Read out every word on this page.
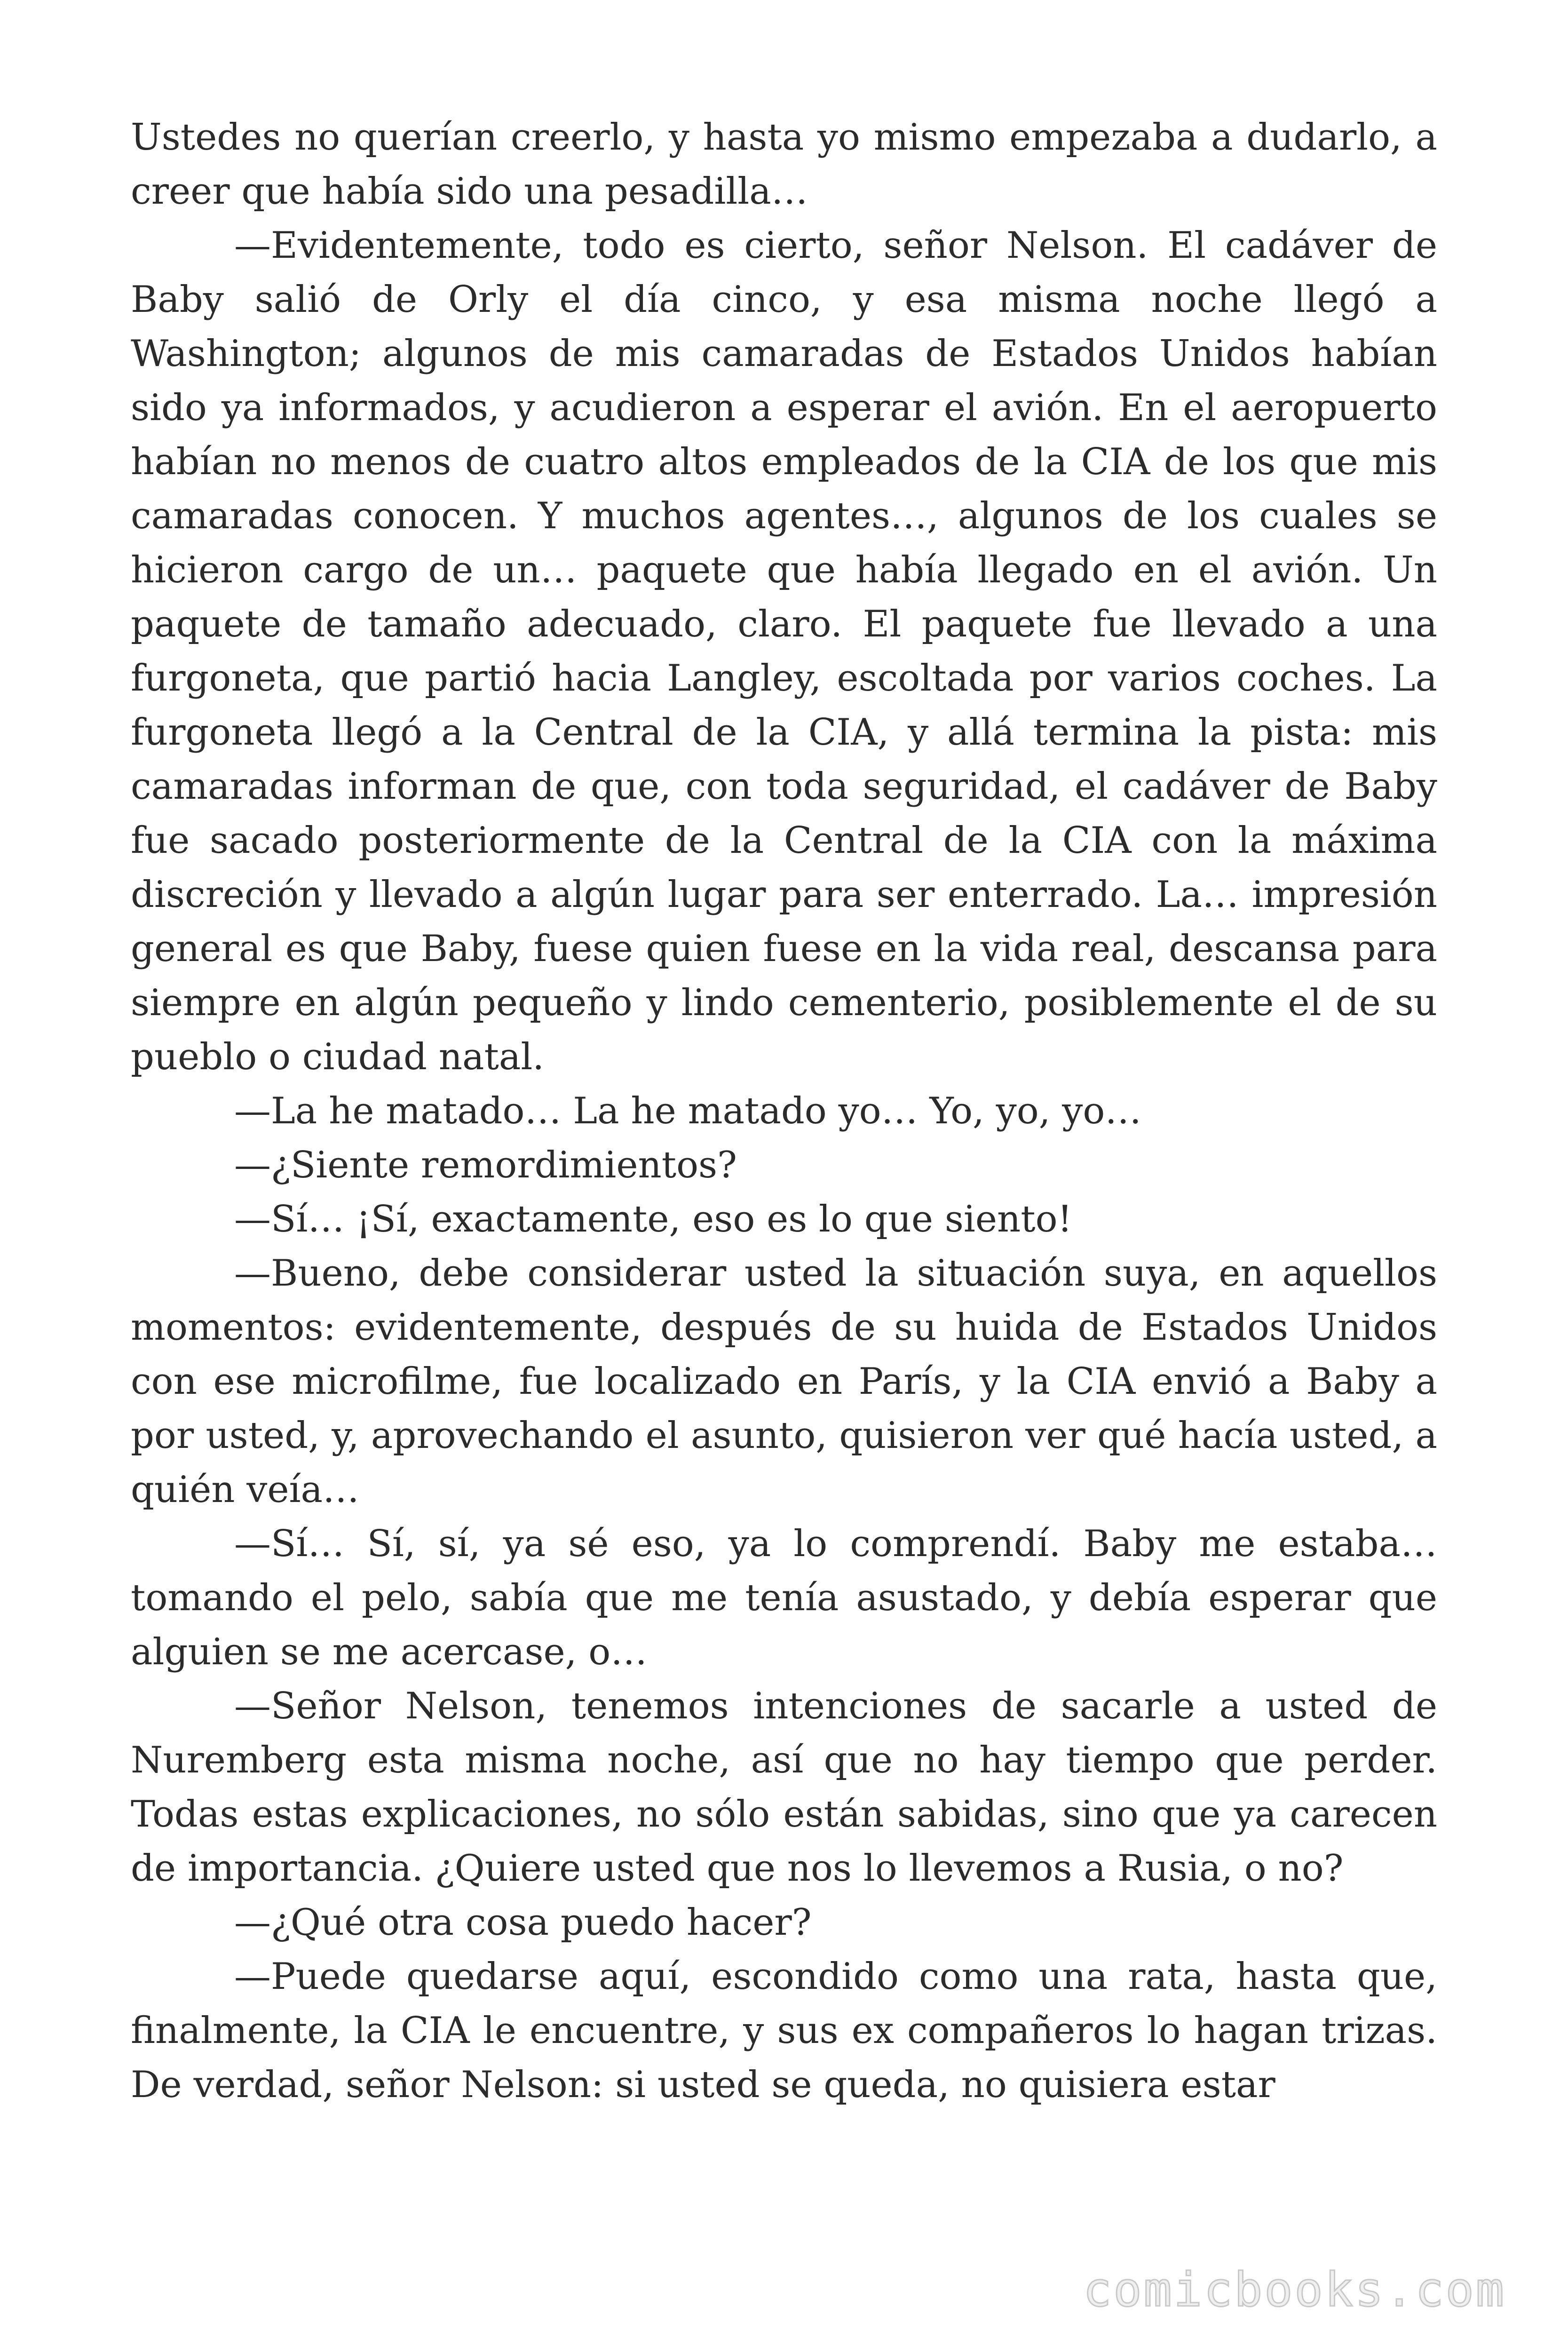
Ustedes no querían creerlo, y hasta yo mismo empezaba a dudarlo, a creer que había sido una pesadilla…

—Evidentemente, todo es cierto, señor Nelson. El cadáver de Baby salió de Orly el día cinco, y esa misma noche llegó a Washington; algunos de mis camaradas de Estados Unidos habían sido ya informados, y acudieron a esperar el avión. En el aeropuerto habían no menos de cuatro altos empleados de la CIA de los que mis camaradas conocen. Y muchos agentes…, algunos de los cuales se hicieron cargo de un… paquete que había llegado en el avión. Un paquete de tamaño adecuado, claro. El paquete fue llevado a una furgoneta, que partió hacia Langley, escoltada por varios coches. La furgoneta llegó a la Central de la CIA, y allá termina la pista: mis camaradas informan de que, con toda seguridad, el cadáver de Baby fue sacado posteriormente de la Central de la CIA con la máxima discreción y llevado a algún lugar para ser enterrado. La… impresión general es que Baby, fuese quien fuese en la vida real, descansa para siempre en algún pequeño y lindo cementerio, posiblemente el de su pueblo o ciudad natal.

—La he matado… La he matado yo… Yo, yo, yo…

—¿Siente remordimientos?

—Sí… ¡Sí, exactamente, eso es lo que siento!

—Bueno, debe considerar usted la situación suya, en aquellos momentos: evidentemente, después de su huida de Estados Unidos con ese microfilme, fue localizado en París, y la CIA envió a Baby a por usted, y, aprovechando el asunto, quisieron ver qué hacía usted, a quién veía…

—Sí… Sí, sí, ya sé eso, ya lo comprendí. Baby me estaba… tomando el pelo, sabía que me tenía asustado, y debía esperar que alguien se me acercase, o…

—Señor Nelson, tenemos intenciones de sacarle a usted de Nuremberg esta misma noche, así que no hay tiempo que perder. Todas estas explicaciones, no sólo están sabidas, sino que ya carecen de importancia. ¿Quiere usted que nos lo llevemos a Rusia, o no?

—¿Qué otra cosa puedo hacer?

—Puede quedarse aquí, escondido como una rata, hasta que, finalmente, la CIA le encuentre, y sus ex compañeros lo hagan trizas. De verdad, señor Nelson: si usted se queda, no quisiera estar

comicbooks.com
